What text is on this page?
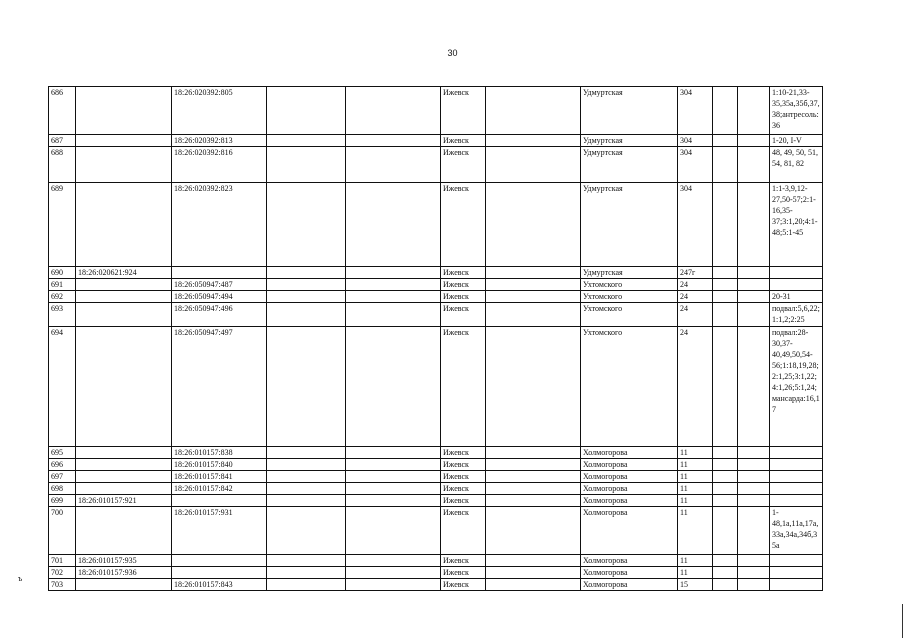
30
686		18:26:020392:805			Ижевск		Удмуртская	304			1:10-21,33-35,35а,35б,37,38;антресоль:36
687		18:26:020392:813			Ижевск		Удмуртская	304			1-20, I-V
688		18:26:020392:816			Ижевск		Удмуртская	304			48, 49, 50, 51, 54, 81, 82
689		18:26:020392:823			Ижевск		Удмуртская	304			1:1-3,9,12-27,50-57;2:1-16,35-37;3:1,20;4:1-48;5:1-45
690	18:26:020621:924				Ижевск		Удмуртская	247г			
691		18:26:050947:487			Ижевск		Ухтомского	24			
692		18:26:050947:494			Ижевск		Ухтомского	24			20-31
693		18:26:050947:496			Ижевск		Ухтомского	24			подвал:5,6,22;1:1,2;2:25
694		18:26:050947:497			Ижевск		Ухтомского	24			подвал:28-30,37-40,49,50,54-56;1:18,19,28;2:1,25;3:1,22;4:1,26;5:1,24;мансарда:16,17
695		18:26:010157:838			Ижевск		Холмогорова	11			
696		18:26:010157:840			Ижевск		Холмогорова	11			
697		18:26:010157:841			Ижевск		Холмогорова	11			
698		18:26:010157:842			Ижевск		Холмогорова	11			
699	18:26:010157:921				Ижевск		Холмогорова	11			
700		18:26:010157:931			Ижевск		Холмогорова	11			1-48,1а,11а,17а,33а,34а,34б,35а
701	18:26:010157:935				Ижевск		Холмогорова	11			
702	18:26:010157:936				Ижевск		Холмогорова	11			
703		18:26:010157:843			Ижевск		Холмогорова	15			
ъ
